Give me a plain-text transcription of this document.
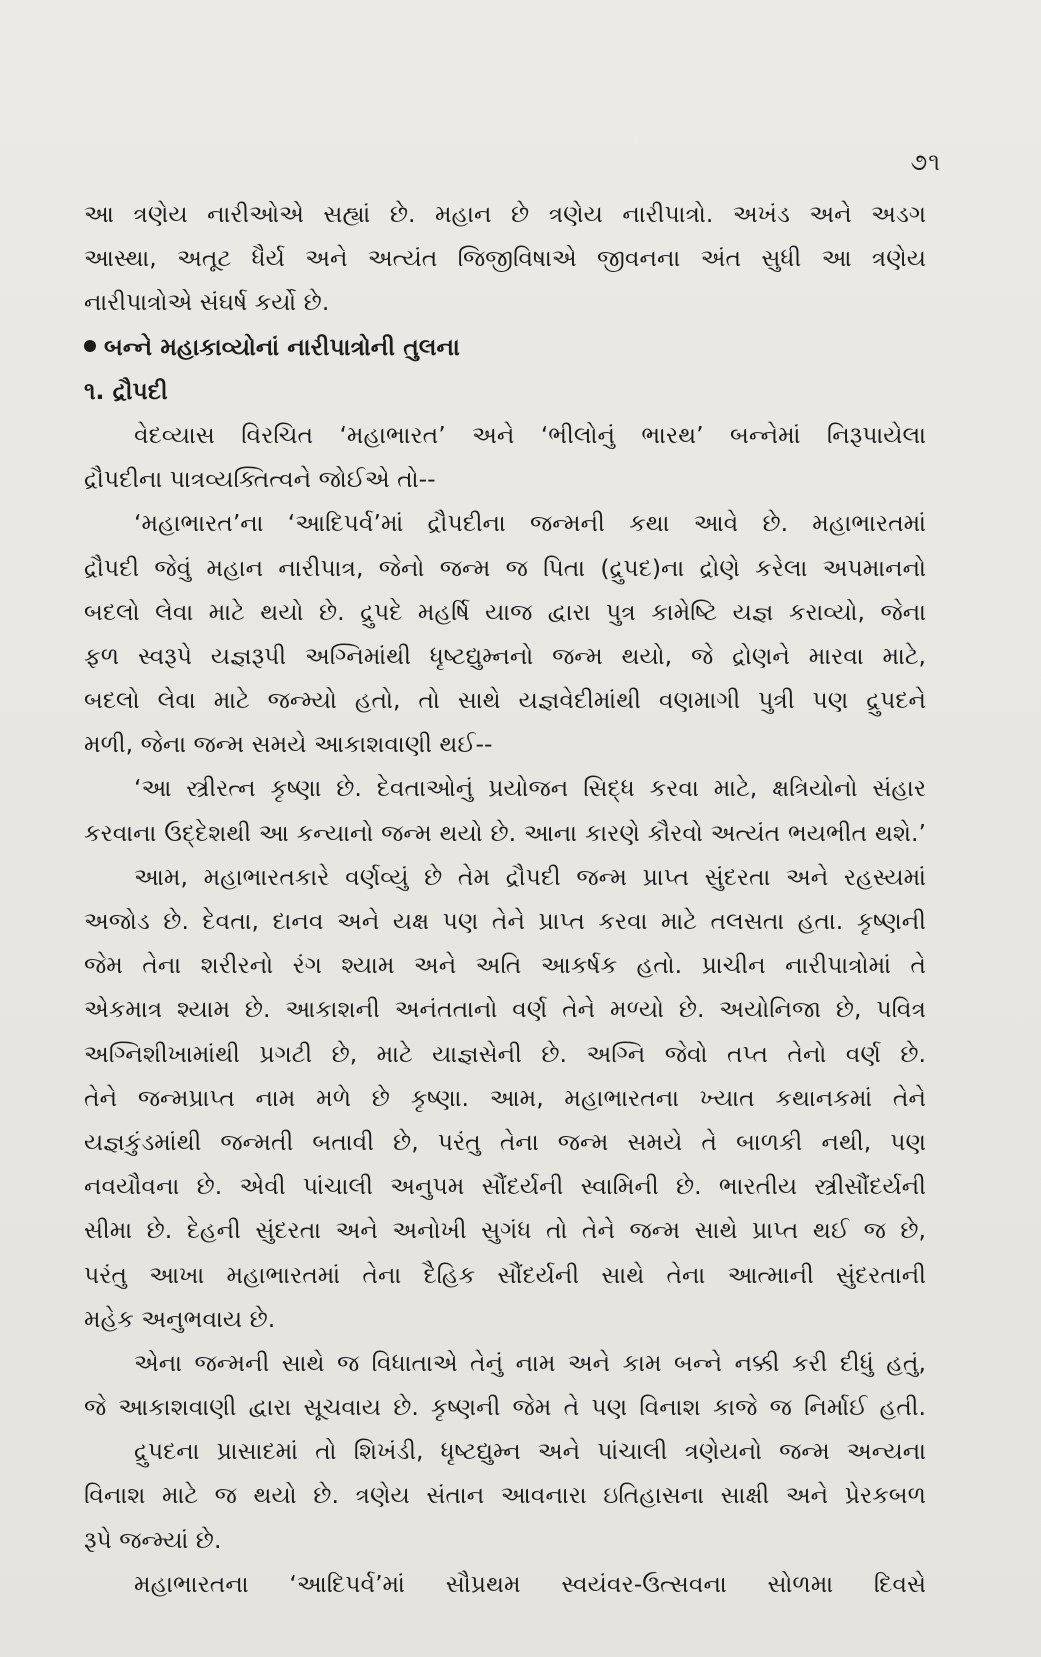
૭૧
આ ત્રણેય નારીઓએ સહ્યાં છે. મહાન છે ત્રણેય નારીપાત્રો. અખંડ અને અડગ
આસ્થા, અતૂટ ધૈર્ય અને અત્યંત જિજીવિષાએ જીવનના અંત સુધી આ ત્રણેય
નારીપાત્રોએ સંઘર્ષ કર્યો છે.
બન્ને મહાકાવ્યોનાં નારીપાત્રોની તુલના
૧. દ્રૌપદી
વેદવ્યાસ વિરચિત ‘મહાભારત’ અને ‘ભીલોનું ભારથ’ બન્નેમાં નિરૂપાયેલા
દ્રૌપદીના પાત્રવ્યક્તિત્વને જોઈએ તો--
‘મહાભારત’ના ‘આદિપર્વ’માં દ્રૌપદીના જન્મની કથા આવે છે. મહાભારતમાં
દ્રૌપદી જેવું મહાન નારીપાત્ર, જેનો જન્મ જ પિતા (દ્રુપદ)ના દ્રોણે કરેલા અપમાનનો
બદલો લેવા માટે થયો છે. દ્રુપદે મહર્ષિ યાજ દ્વારા પુત્ર કામેષ્ટિ યજ્ઞ કરાવ્યો, જેના
ફળ સ્વરૂપે યજ્ઞરૂપી અગ્નિમાંથી ધૃષ્ટદ્યુમ્નનો જન્મ થયો, જે દ્રોણને મારવા માટે,
બદલો લેવા માટે જન્મ્યો હતો, તો સાથે યજ્ઞવેદીમાંથી વણમાગી પુત્રી પણ દ્રુપદને
મળી, જેના જન્મ સમયે આકાશવાણી થઈ--
‘આ સ્ત્રીરત્ન કૃષ્ણા છે. દેવતાઓનું પ્રયોજન સિદ્ધ કરવા માટે, ક્ષત્રિયોનો સંહાર
કરવાના ઉદ્દેશથી આ કન્યાનો જન્મ થયો છે. આના કારણે કૌરવો અત્યંત ભયભીત થશે.’
આમ, મહાભારતકારે વર્ણવ્યું છે તેમ દ્રૌપદી જન્મ પ્રાપ્ત સુંદરતા અને રહસ્યમાં
અજોડ છે. દેવતા, દાનવ અને યક્ષ પણ તેને પ્રાપ્ત કરવા માટે તલસતા હતા. કૃષ્ણની
જેમ તેના શરીરનો રંગ શ્યામ અને અતિ આકર્ષક હતો. પ્રાચીન નારીપાત્રોમાં તે
એકમાત્ર શ્યામ છે. આકાશની અનંતતાનો વર્ણ તેને મળ્યો છે. અયોનિજા છે, પવિત્ર
અગ્નિશીખામાંથી પ્રગટી છે, માટે યાજ્ઞસેની છે. અગ્નિ જેવો તપ્ત તેનો વર્ણ છે.
તેને જન્મપ્રાપ્ત નામ મળે છે કૃષ્ણા. આમ, મહાભારતના ખ્યાત કથાનકમાં તેને
યજ્ઞકુંડમાંથી જન્મતી બતાવી છે, પરંતુ તેના જન્મ સમયે તે બાળકી નથી, પણ
નવયૌવના છે. એવી પાંચાલી અનુપમ સૌંદર્યની સ્વામિની છે. ભારતીય સ્ત્રીસૌંદર્યની
સીમા છે. દેહની સુંદરતા અને અનોખી સુગંધ તો તેને જન્મ સાથે પ્રાપ્ત થઈ જ છે,
પરંતુ આખા મહાભારતમાં તેના દૈહિક સૌંદર્યની સાથે તેના આત્માની સુંદરતાની
મહેક અનુભવાય છે.
એના જન્મની સાથે જ વિધાતાએ તેનું નામ અને કામ બન્ને નક્કી કરી દીધું હતું,
જે આકાશવાણી દ્વારા સૂચવાય છે. કૃષ્ણની જેમ તે પણ વિનાશ કાજે જ નિર્માઈ હતી.
દ્રુપદના પ્રાસાદમાં તો શિખંડી, ધૃષ્ટદ્યુમ્ન અને પાંચાલી ત્રણેયનો જન્મ અન્યના
વિનાશ માટે જ થયો છે. ત્રણેય સંતાન આવનારા ઇતિહાસના સાક્ષી અને પ્રેરકબળ
રૂપે જન્મ્યાં છે.
મહાભારતના ‘આદિપર્વ’માં સૌપ્રથમ સ્વયંવર-ઉત્સવના સોળમા દિવસે
